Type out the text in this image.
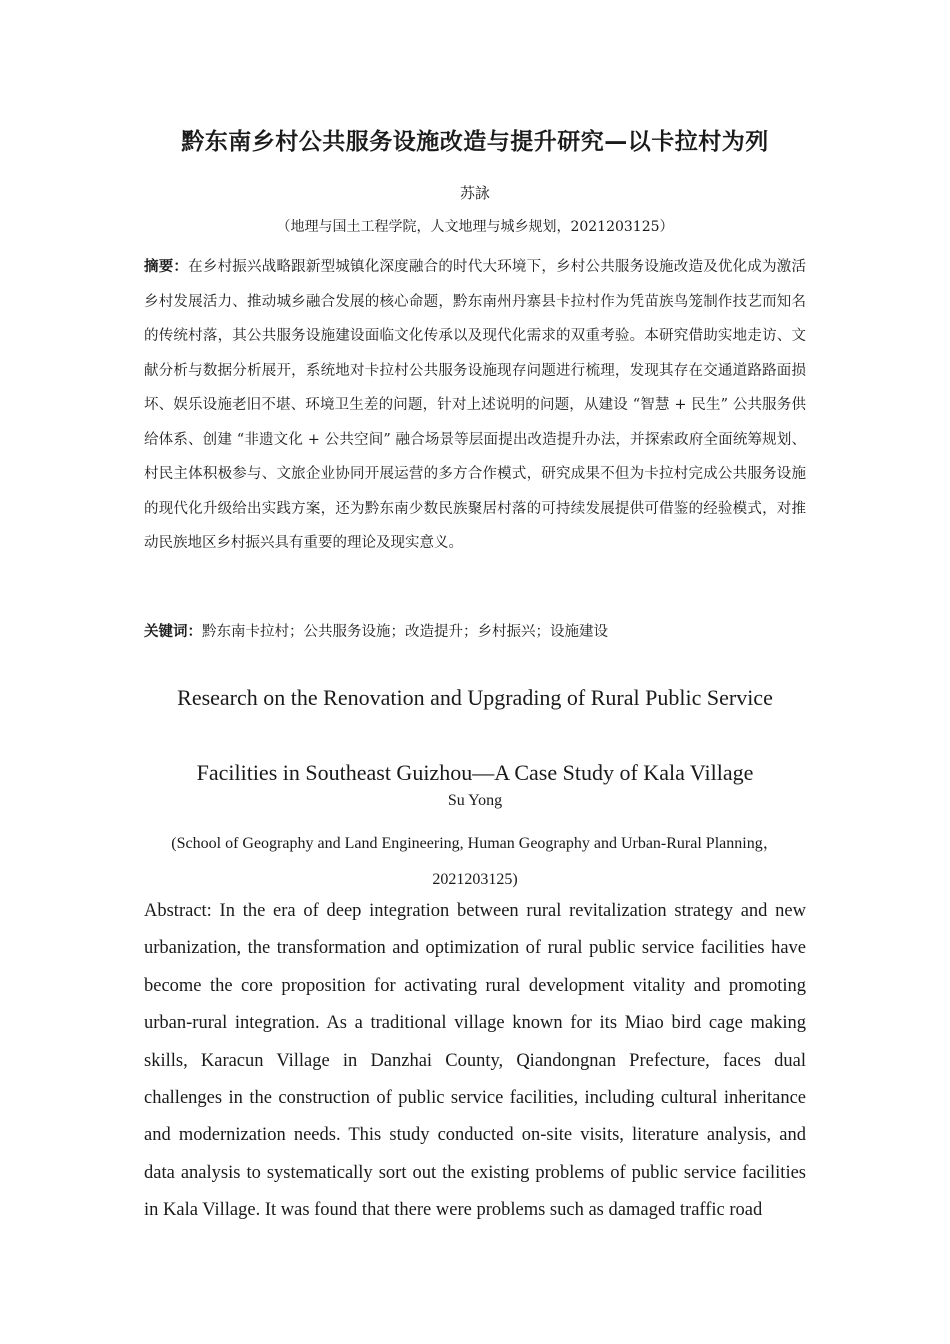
黔东南乡村公共服务设施改造与提升研究—以卡拉村为列
苏詠
（地理与国土工程学院，人文地理与城乡规划，2021203125）

摘要：在乡村振兴战略跟新型城镇化深度融合的时代大环境下，乡村公共服务设施改造及优化成为激活乡村发展活力、推动城乡融合发展的核心命题，黔东南州丹寨县卡拉村作为凭苗族鸟笼制作技艺而知名的传统村落，其公共服务设施建设面临文化传承以及现代化需求的双重考验。本研究借助实地走访、文献分析与数据分析展开，系统地对卡拉村公共服务设施现存问题进行梳理，发现其存在交通道路路面损坏、娱乐设施老旧不堪、环境卫生差的问题，针对上述说明的问题，从建设 “智慧 + 民生” 公共服务供给体系、创建 “非遗文化 + 公共空间” 融合场景等层面提出改造提升办法，并探索政府全面统筹规划、村民主体积极参与、文旅企业协同开展运营的多方合作模式，研究成果不但为卡拉村完成公共服务设施的现代化升级给出实践方案，还为黔东南少数民族聚居村落的可持续发展提供可借鉴的经验模式，对推动民族地区乡村振兴具有重要的理论及现实意义。

关键词：黔东南卡拉村；公共服务设施；改造提升；乡村振兴；设施建设
Research on the Renovation and Upgrading of Rural Public Service
Facilities in Southeast Guizhou—A Case Study of Kala Village
Su Yong
(School of Geography and Land Engineering, Human Geography and Urban-Rural Planning，
2021203125)

Abstract: In the era of deep integration between rural revitalization strategy and new urbanization, the transformation and optimization of rural public service facilities have become the core proposition for activating rural development vitality and promoting urban-rural integration. As a traditional village known for its Miao bird cage making skills, Karacun Village in Danzhai County, Qiandongnan Prefecture, faces dual challenges in the construction of public service facilities, including cultural inheritance and modernization needs. This study conducted on-site visits, literature analysis, and data analysis to systematically sort out the existing problems of public service facilities in Kala Village. It was found that there were problems such as damaged traffic road
